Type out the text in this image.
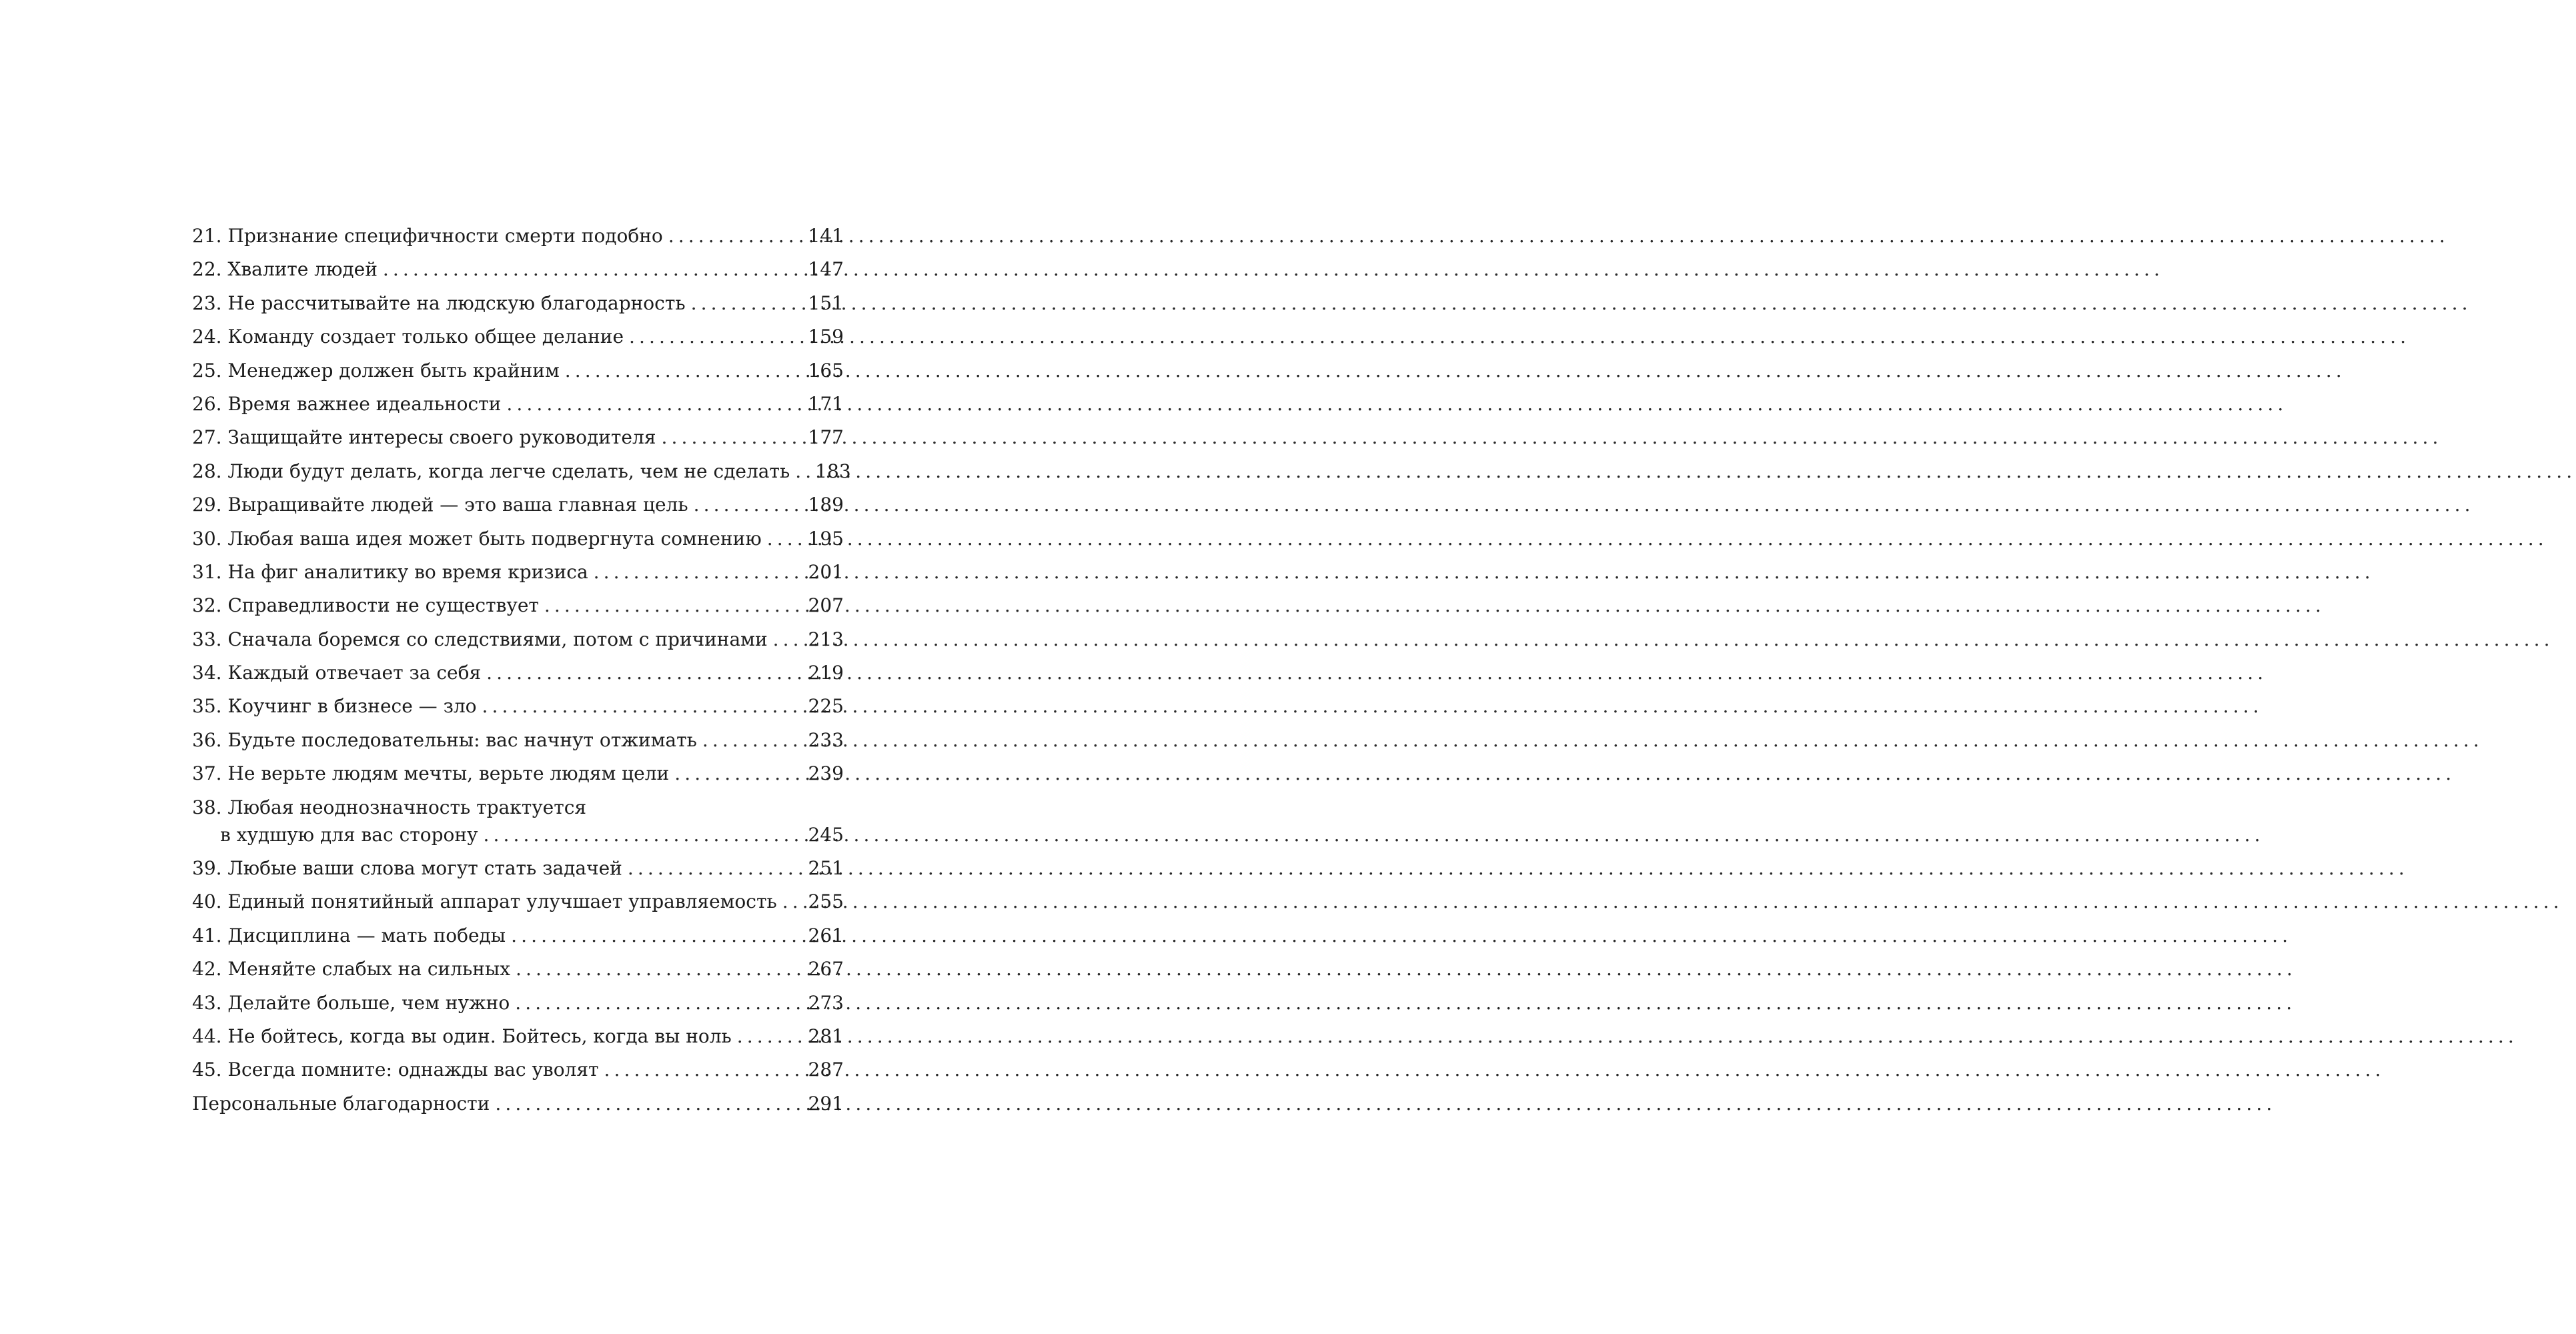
21. Признание специфичности смерти подобно .....	141
22. Хвалите людей .....	147
23. Не рассчитывайте на людскую благодарность .....	151
24. Команду создает только общее делание .....	159
25. Менеджер должен быть крайним .....	165
26. Время важнее идеальности .....	171
27. Защищайте интересы своего руководителя .....	177
28. Люди будут делать, когда легче сделать, чем не сделать ..... 183
29. Выращивайте людей — это ваша главная цель .....	189
30. Любая ваша идея может быть подвергнута сомнению ..... 195
31. На фиг аналитику во время кризиса .....	201
32. Справедливости не существует .....	207
33. Сначала боремся со следствиями, потом с причинами ..... 213
34. Каждый отвечает за себя .....	219
35. Коучинг в бизнесе — зло .....	225
36. Будьте последовательны: вас начнут отжимать .....	233
37. Не верьте людям мечты, верьте людям цели .....	239
38. Любая неоднозначность трактуется
в худшую для вас сторону .....	245
39. Любые ваши слова могут стать задачей .....	251
40. Единый понятийный аппарат улучшает управляемость ..... 255
41. Дисциплина — мать победы .....	261
42. Меняйте слабых на сильных .....	267
43. Делайте больше, чем нужно .....	273
44. Не бойтесь, когда вы один. Бойтесь, когда вы ноль .....	281
45. Всегда помните: однажды вас уволят .....	287
Персональные благодарности .....	291
